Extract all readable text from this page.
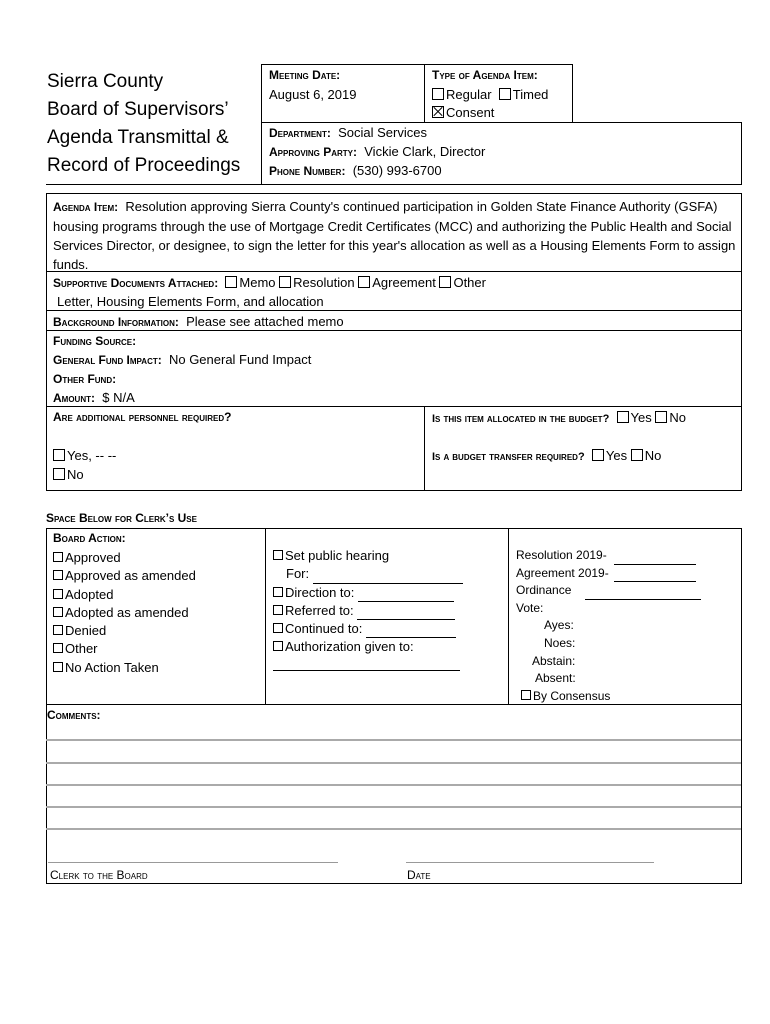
Sierra County
Board of Supervisors’
Agenda Transmittal &
Record of Proceedings
Meeting Date:
August 6, 2019
Type of Agenda Item:
Regular Timed
Consent
Department: Social Services
Approving Party: Vickie Clark, Director
Phone Number: (530) 993-6700
Agenda Item: Resolution approving Sierra County's continued participation in Golden State Finance Authority (GSFA) housing programs through the use of Mortgage Credit Certificates (MCC) and authorizing the Public Health and Social Services Director, or designee, to sign the letter for this year's allocation as well as a Housing Elements Form to assign funds.
Supportive Documents Attached: Memo Resolution Agreement Other
Letter, Housing Elements Form, and allocation
Background Information: Please see attached memo
Funding Source:
General Fund Impact: No General Fund Impact
Other Fund:
Amount: $ N/A
Are additional personnel required?
Yes, -- --
No
Is this item allocated in the budget? Yes No
Is a budget transfer required? Yes No
Space Below for Clerk’s Use
Board Action:
Approved
Approved as amended
Adopted
Adopted as amended
Denied
Other
No Action Taken
Set public hearing
For:
Direction to:
Referred to:
Continued to:
Authorization given to:
Resolution 2019-
Agreement 2019-
Ordinance
Vote:
Ayes:
Noes:
Abstain:
Absent:
By Consensus
Comments:
Clerk to the Board	Date
